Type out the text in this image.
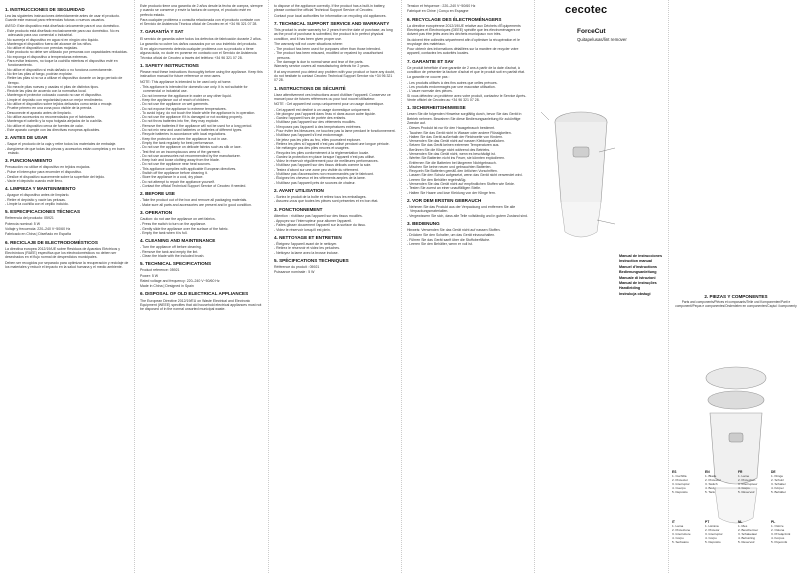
1. INSTRUCCIONES DE SEGURIDAD
Lea las siguientes instrucciones detenidamente antes de usar el producto. Guarde este manual para referencias futuras o nuevos usuarios.
AVISO: Este dispositivo está diseñado únicamente para el uso doméstico.
- Este producto está diseñado exclusivamente para uso doméstico. No es adecuado para uso comercial o industrial.
- No sumerja el dispositivo en agua ni en ningún otro líquido.
- Mantenga el dispositivo fuera del alcance de los niños.
- No utilice el dispositivo con prendas mojadas.
- Este producto no debe ser utilizado por personas con capacidades reducidas.
- No exponga el dispositivo a temperaturas extremas.
- Para evitar lesiones, no toque la cuchilla mientras el dispositivo esté en funcionamiento.
- No utilice el dispositivo si está dañado o no funciona correctamente.
- No tire las pilas al fuego, podrían explotar.
- Retire las pilas si no va a utilizar el dispositivo durante un largo período de tiempo.
- No mezcle pilas nuevas y usadas ni pilas de distintos tipos.
- Recicle las pilas de acuerdo con la normativa local.
- Mantenga el protector colocado cuando no use el dispositivo.
- Limpie el depósito con regularidad para un mejor rendimiento.
- No utilice el dispositivo sobre tejidos delicados como seda o encaje.
- Pruebe primero en una zona poco visible de la prenda.
- Desconecte el aparato antes de limpiarlo.
- No utilice accesorios no recomendados por el fabricante.
- Mantenga el cabello y la ropa holgada alejados de la cuchilla.
- No utilice el dispositivo cerca de fuentes de calor.
- Este aparato cumple con las directivas europeas aplicables.
2. ANTES DE USAR
- Saque el producto de la caja y retire todos los materiales de embalaje.
- Asegúrese de que todas las piezas y accesorios están completos y en buen estado.
3. FUNCIONAMIENTO
Precaución: no utilice el dispositivo en tejidos mojados.
- Pulse el interruptor para encender el dispositivo.
- Deslice el dispositivo suavemente sobre la superficie del tejido.
- Vacíe el depósito cuando esté lleno.
4. LIMPIEZA Y MANTENIMIENTO
- Apague el dispositivo antes de limpiarlo.
- Retire el depósito y vacíe las pelusas.
- Limpie la cuchilla con el cepillo incluido.
5. ESPECIFICACIONES TÉCNICAS
Referencia del producto: 05921
Potencia nominal: 5 W
Voltaje y frecuencia: 220–240 V~50/60 Hz
Fabricado en China | Diseñado en España
6. RECICLAJE DE ELECTRODOMÉSTICOS
La directiva europea 2012/19/UE sobre Residuos de Aparatos Eléctricos y Electrónicos (RAEE) especifica que los electrodomésticos no deben ser desechados en el flujo normal de desperdicios municipales.
Deben ser recogidos por separado para optimizar la recuperación y reciclaje de los materiales y reducir el impacto en la salud humana y el medio ambiente.
Este producto tiene una garantía de 2 años desde la fecha de compra, siempre y cuando se conserve y envíe la factura de compra, el producto esté en perfecto estado.
Para cualquier problema o consulta relacionada con el producto contacte con el Servicio de Asistencia Técnica oficial de Cecotec en el +34 96 321 07 28.
7. GARANTÍA Y SAT
El servicio de garantía cubre todos los defectos de fabricación durante 2 años.
La garantía no cubre los daños causados por un uso indebido del producto.
Si en algún momento detecta cualquier problema con su producto o tiene alguna duda, no dude en ponerse en contacto con el Servicio de Asistencia Técnica oficial de Cecotec a través del teléfono +34 96 321 07 28.
1. SAFETY INSTRUCTIONS
Please read these instructions thoroughly before using the appliance. Keep this instruction manual for future reference or new users.
NOTE: This appliance is intended to be used only at home.
- This appliance is intended for domestic use only. It is not suitable for commercial or industrial use.
- Do not immerse the appliance in water or any other liquid.
- Keep the appliance out of reach of children.
- Do not use the appliance on wet garments.
- Do not expose the appliance to extreme temperatures.
- To avoid injury, do not touch the blade while the appliance is in operation.
- Do not use the appliance if it is damaged or not working properly.
- Do not throw batteries into fire, they may explode.
- Remove the batteries if the appliance will not be used for a long period.
- Do not mix new and used batteries or batteries of different types.
- Recycle batteries in accordance with local regulations.
- Keep the protector on when the appliance is not in use.
- Empty the tank regularly for best performance.
- Do not use the appliance on delicate fabrics such as silk or lace.
- Test first on an inconspicuous area of the garment.
- Do not use accessories not recommended by the manufacturer.
- Keep hair and loose clothing away from the blade.
- Do not use the appliance near heat sources.
- This appliance complies with applicable European directives.
- Switch off the appliance before cleaning it.
- Store the appliance in a cool, dry place.
- Do not attempt to repair the appliance yourself.
- Contact the official Technical Support Service of Cecotec if needed.
2. BEFORE USE
- Take the product out of the box and remove all packaging materials.
- Make sure all parts and accessories are present and in good condition.
3. OPERATION
Caution: do not use the appliance on wet fabrics.
- Press the switch to turn on the appliance.
- Gently slide the appliance over the surface of the fabric.
- Empty the tank when it is full.
4. CLEANING AND MAINTENANCE
- Turn the appliance off before cleaning.
- Remove the tank and empty the lint.
- Clean the blade with the included brush.
5. TECHNICAL SPECIFICATIONS
Product reference: 05921
Power: 5 W
Rated voltage and frequency: 220–240 V~50/60 Hz
Made in China | Designed in Spain
6. DISPOSAL OF OLD ELECTRICAL APPLIANCES
The European Directive 2012/19/EU on Waste Electrical and Electronic Equipment (WEEE) specifies that old household electrical appliances must not be disposed of in the normal unsorted municipal waste.
to dispose of the appliance correctly. If the product has a built-in battery, please contact the official Technical Support Service of Cecotec.
Contact your local authorities for information on recycling old appliances.
7. TECHNICAL SUPPORT SERVICE AND WARRANTY
This product is under warranty for 2 years from the date of purchase, as long as the proof of purchase is submitted, the product is in perfect physical condition, and it has been given proper use.
The warranty will not cover situations where:
- The product has been used for purposes other than those intended.
- The product has been misused, modified or repaired by unauthorised persons.
- The damage is due to normal wear and tear of the parts.
Warranty service covers all manufacturing defects for 2 years.
If at any moment you detect any problem with your product or have any doubt, do not hesitate to contact Cecotec Technical Support Service via +34 96 321 07 28.
1. INSTRUCTIONS DE SÉCURITÉ
Lisez attentivement ces instructions avant d'utiliser l'appareil. Conservez ce manuel pour de futures références ou pour tout nouvel utilisateur.
NOTE : Cet appareil est conçu uniquement pour un usage domestique.
- Cet appareil est destiné à un usage domestique uniquement.
- Ne plongez pas l'appareil dans l'eau ni dans aucun autre liquide.
- Gardez l'appareil hors de portée des enfants.
- N'utilisez pas l'appareil sur des vêtements mouillés.
- N'exposez pas l'appareil à des températures extrêmes.
- Pour éviter les blessures, ne touchez pas la lame pendant le fonctionnement.
- N'utilisez pas l'appareil s'il est endommagé.
- Ne jetez pas les piles au feu, elles pourraient exploser.
- Retirez les piles si l'appareil n'est pas utilisé pendant une longue période.
- Ne mélangez pas des piles neuves et usagées.
- Recyclez les piles conformément à la réglementation locale.
- Gardez la protection en place lorsque l'appareil n'est pas utilisé.
- Videz le réservoir régulièrement pour de meilleures performances.
- N'utilisez pas l'appareil sur des tissus délicats comme la soie.
- Testez d'abord sur une zone peu visible du vêtement.
- N'utilisez pas d'accessoires non recommandés par le fabricant.
- Éloignez les cheveux et les vêtements amples de la lame.
- N'utilisez pas l'appareil près de sources de chaleur.
2. AVANT UTILISATION
- Sortez le produit de la boîte et retirez tous les emballages.
- Assurez-vous que toutes les pièces sont présentes et en bon état.
3. FONCTIONNEMENT
Attention : n'utilisez pas l'appareil sur des tissus mouillés.
- Appuyez sur l'interrupteur pour allumer l'appareil.
- Faites glisser doucement l'appareil sur la surface du tissu.
- Videz le réservoir lorsqu'il est plein.
4. NETTOYAGE ET ENTRETIEN
- Éteignez l'appareil avant de le nettoyer.
- Retirez le réservoir et videz les peluches.
- Nettoyez la lame avec la brosse incluse.
5. SPÉCIFICATIONS TECHNIQUES
Référence du produit : 05921
Puissance nominale : 5 W
Tension et fréquence : 220–240 V~50/60 Hz
Fabriqué en Chine | Conçu en Espagne
6. RECYCLAGE DES ÉLECTROMÉNAGERS
La directive européenne 2012/19/UE relative aux Déchets d'Équipements Électriques et Électroniques (DEEE) spécifie que les électroménagers ne doivent pas être jetés avec les déchets municipaux non triés.
Ils doivent être collectés séparément afin d'optimiser la récupération et le recyclage des matériaux.
Pour obtenir des informations détaillées sur la manière de recycler votre appareil, contactez les autorités locales.
7. GARANTIE ET SAV
Ce produit bénéficie d'une garantie de 2 ans à partir de la date d'achat, à condition de présenter la facture d'achat et que le produit soit en parfait état.
La garantie ne couvre pas :
- Les produits utilisés à des fins autres que celles prévues.
- Les produits endommagés par une mauvaise utilisation.
- L'usure normale des pièces.
Si vous détectez un problème avec votre produit, contactez le Service Après-Vente officiel de Cecotec au +34 96 321 07 28.
1. SICHERHEITSHINWEISE
Lesen Sie die folgenden Hinweise sorgfältig durch, bevor Sie das Gerät in Betrieb nehmen. Bewahren Sie diese Bedienungsanleitung für zukünftige Zwecke auf.
- Dieses Produkt ist nur für den Hausgebrauch bestimmt.
- Tauchen Sie das Gerät nicht in Wasser oder andere Flüssigkeiten.
- Halten Sie das Gerät außerhalb der Reichweite von Kindern.
- Verwenden Sie das Gerät nicht auf nassen Kleidungsstücken.
- Setzen Sie das Gerät keinen extremen Temperaturen aus.
- Berühren Sie die Klinge nicht während des Betriebs.
- Verwenden Sie das Gerät nicht, wenn es beschädigt ist.
- Werfen Sie Batterien nicht ins Feuer, sie könnten explodieren.
- Entfernen Sie die Batterien bei längerem Nichtgebrauch.
- Mischen Sie keine neuen und gebrauchten Batterien.
- Recyceln Sie Batterien gemäß den örtlichen Vorschriften.
- Lassen Sie den Schutz aufgesetzt, wenn das Gerät nicht verwendet wird.
- Leeren Sie den Behälter regelmäßig.
- Verwenden Sie das Gerät nicht auf empfindlichen Stoffen wie Seide.
- Testen Sie zuerst an einer unauffälligen Stelle.
- Halten Sie Haare und lose Kleidung von der Klinge fern.
2. VOR DEM ERSTEN GEBRAUCH
- Nehmen Sie das Produkt aus der Verpackung und entfernen Sie alle Verpackungsmaterialien.
- Vergewissern Sie sich, dass alle Teile vollständig und in gutem Zustand sind.
3. BEDIENUNG
Hinweis: Verwenden Sie das Gerät nicht auf nassen Stoffen.
- Drücken Sie den Schalter, um das Gerät einzuschalten.
- Führen Sie das Gerät sanft über die Stoffoberfläche.
- Leeren Sie den Behälter, wenn er voll ist.
cecotec
ForceCut
Quitapelusas/lint remover
Manual de instrucciones
Instruction manual
Manuel d'instructions
Bedienungsanleitung
Manuale di istruzioni
Manual de instruções
Handleiding
Instrukcja obsługi
2. PIEZAS Y COMPONENTES
Parts and components/Pièces et composants/Teile und Komponenten/Parti e componenti/Peças e componentes/Onderdelen en componenten/Części i komponenty
ES
1. Cuchilla
2. Protector
3. Interruptor
4. Cuerpo
5. Depósito
EN
1. Blade
2. Protector
3. Switch
4. Body
5. Tank
FR
1. Lame
2. Protection
3. Interrupteur
4. Corps
5. Réservoir
DE
1. Klinge
2. Schutz
3. Schalter
4. Körper
5. Behälter
IT
1. Lama
2. Protezione
3. Interruttore
4. Corpo
5. Serbatoio
PT
1. Lâmina
2. Protetor
3. Interruptor
4. Corpo
5. Depósito
NL
1. Mes
2. Beschermer
3. Schakelaar
4. Behuizing
5. Reservoir
PL
1. Ostrze
2. Osłona
3. Przełącznik
4. Korpus
5. Pojemnik
